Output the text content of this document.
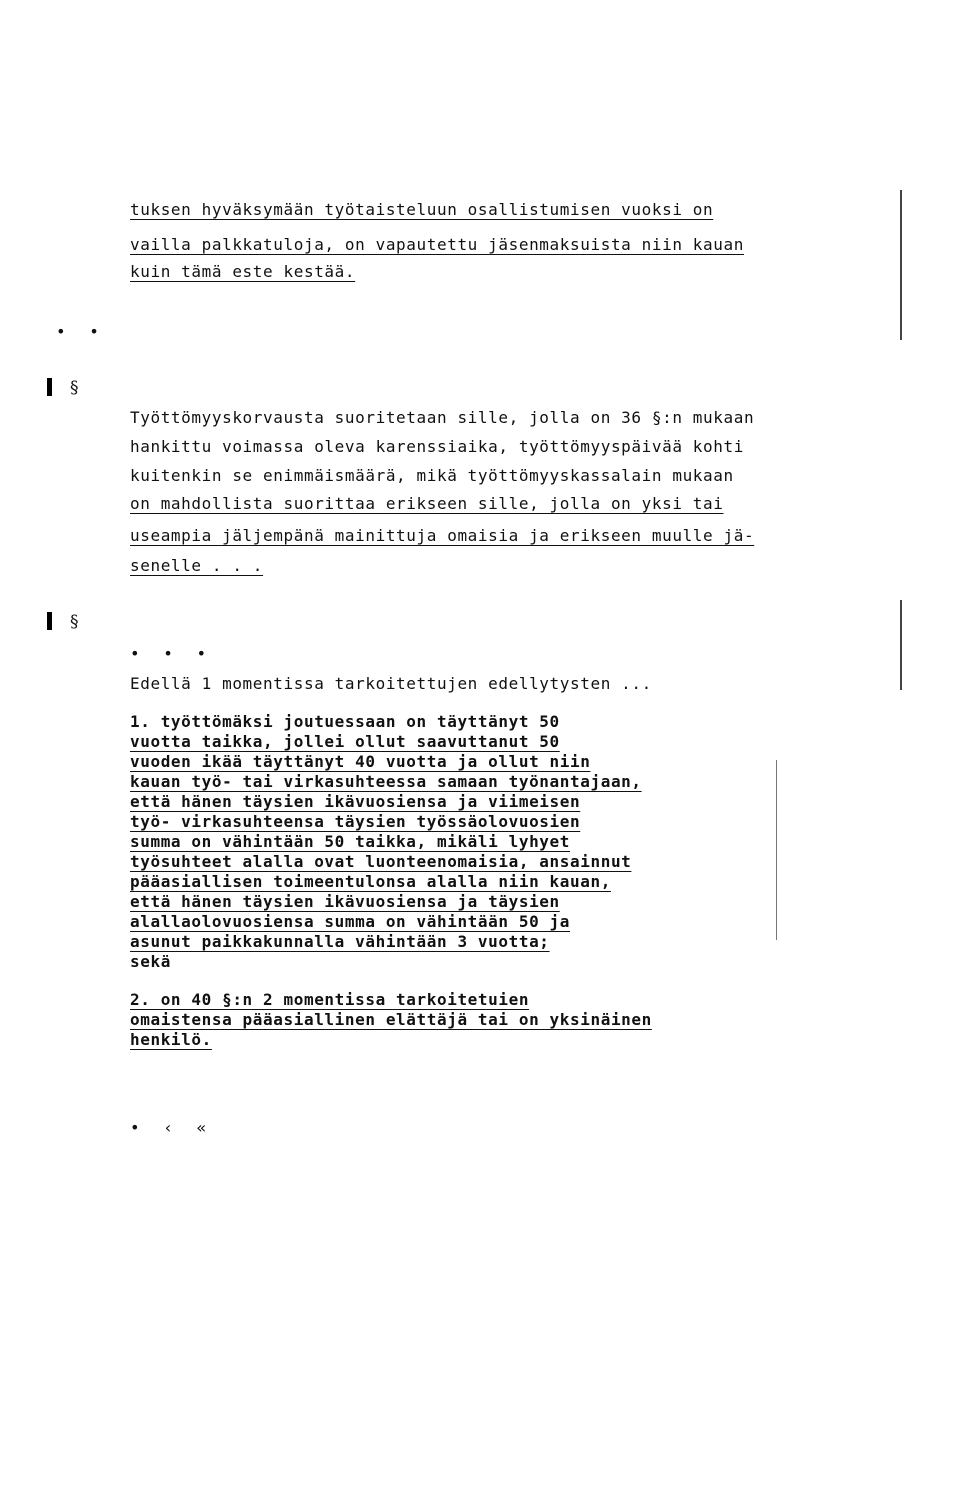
tuksen hyväksymään työtaisteluun osallistumisen vuoksi on
vailla palkkatuloja, on vapautettu jäsenmaksuista niin kauan
kuin tämä este kestää.
• •
1 §
Työttömyyskorvausta suoritetaan sille, jolla on 36 §:n mukaan
hankittu voimassa oleva karenssiaika, työttömyyspäivää kohti
kuitenkin se enimmäismäärä, mikä työttömyyskassalain mukaan
on mahdollista suorittaa erikseen sille, jolla on yksi tai
useampia jäljempänä mainittuja omaisia ja erikseen muulle jä-
senelle . . .
2 §
• • •
Edellä 1 momentissa tarkoitettujen edellytysten ...
1. työttömäksi joutuessaan on täyttänyt 50
vuotta taikka, jollei ollut saavuttanut 50
vuoden ikää täyttänyt 40 vuotta ja ollut niin
kauan työ- tai virkasuhteessa samaan työnantajaan,
että hänen täysien ikävuosiensa ja viimeisen
työ- virkasuhteensa täysien työssäolovuosien
summa on vähintään 50 taikka, mikäli lyhyet
työsuhteet alalla ovat luonteenomaisia, ansainnut
pääasiallisen toimeentulonsa alalla niin kauan,
että hänen täysien ikävuosiensa ja täysien
alallaolovuosiensa summa on vähintään 50 ja
asunut paikkakunnalla vähintään 3 vuotta;
sekä
2. on 40 §:n 2 momentissa tarkoitetuien
omaistensa pääasiallinen elättäjä tai on yksinäinen
henkilö.
• ‹ «
